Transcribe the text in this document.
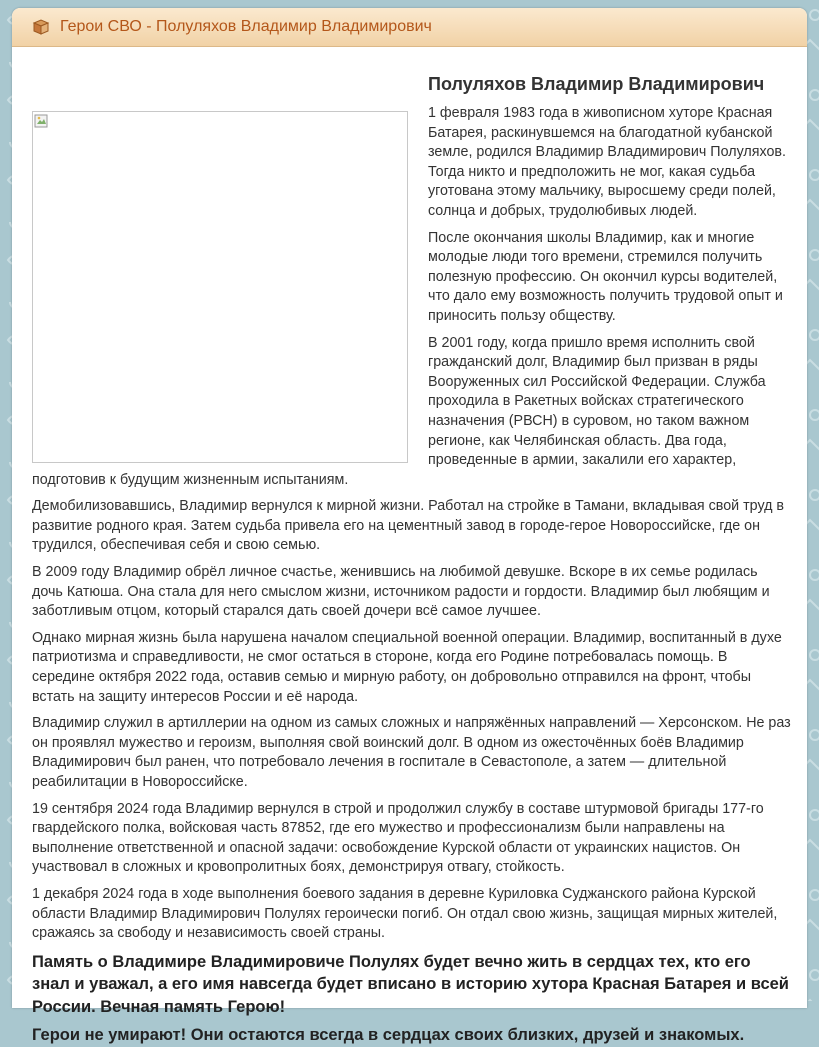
Герои СВО - Полуляхов Владимир Владимирович
Полуляхов Владимир Владимирович

1 февраля 1983 года в живописном хуторе Красная Батарея, раскинувшемся на благодатной кубанской земле, родился Владимир Владимирович Полуляхов. Тогда никто и предположить не мог, какая судьба уготована этому мальчику, выросшему среди полей, солнца и добрых, трудолюбивых людей.

После окончания школы Владимир, как и многие молодые люди того времени, стремился получить полезную профессию. Он окончил курсы водителей, что дало ему возможность получить трудовой опыт и приносить пользу обществу.

В 2001 году, когда пришло время исполнить свой гражданский долг, Владимир был призван в ряды Вооруженных сил Российской Федерации. Служба проходила в Ракетных войсках стратегического назначения (РВСН) в суровом, но таком важном регионе, как Челябинская область. Два года, проведенные в армии, закалили его характер, подготовив к будущим жизненным испытаниям.

Демобилизовавшись, Владимир вернулся к мирной жизни. Работал на стройке в Тамани, вкладывая свой труд в развитие родного края. Затем судьба привела его на цементный завод в городе-герое Новороссийске, где он трудился, обеспечивая себя и свою семью.

В 2009 году Владимир обрёл личное счастье, женившись на любимой девушке. Вскоре в их семье родилась дочь Катюша. Она стала для него смыслом жизни, источником радости и гордости. Владимир был любящим и заботливым отцом, который старался дать своей дочери всё самое лучшее.

Однако мирная жизнь была нарушена началом специальной военной операции. Владимир, воспитанный в духе патриотизма и справедливости, не смог остаться в стороне, когда его Родине потребовалась помощь. В середине октября 2022 года, оставив семью и мирную работу, он добровольно отправился на фронт, чтобы встать на защиту интересов России и её народа.

Владимир служил в артиллерии на одном из самых сложных и напряжённых направлений — Херсонском. Не раз он проявлял мужество и героизм, выполняя свой воинский долг. В одном из ожесточённых боёв Владимир Владимирович был ранен, что потребовало лечения в госпитале в Севастополе, а затем — длительной реабилитации в Новороссийске.

19 сентября 2024 года Владимир вернулся в строй и продолжил службу в составе штурмовой бригады 177-го гвардейского полка, войсковая часть 87852, где его мужество и профессионализм были направлены на выполнение ответственной и опасной задачи: освобождение Курской области от украинских нацистов. Он участвовал в сложных и кровопролитных боях, демонстрируя отвагу, стойкость.

1 декабря 2024 года в ходе выполнения боевого задания в деревне Куриловка Суджанского района Курской области Владимир Владимирович Полулях героически погиб. Он отдал свою жизнь, защищая мирных жителей, сражаясь за свободу и независимость своей страны.

Память о Владимире Владимировиче Полулях будет вечно жить в сердцах тех, кто его знал и уважал, а его имя навсегда будет вписано в историю хутора Красная Батарея и всей России. Вечная память Герою!

Герои не умирают! Они остаются всегда в сердцах своих близких, друзей и знакомых.
